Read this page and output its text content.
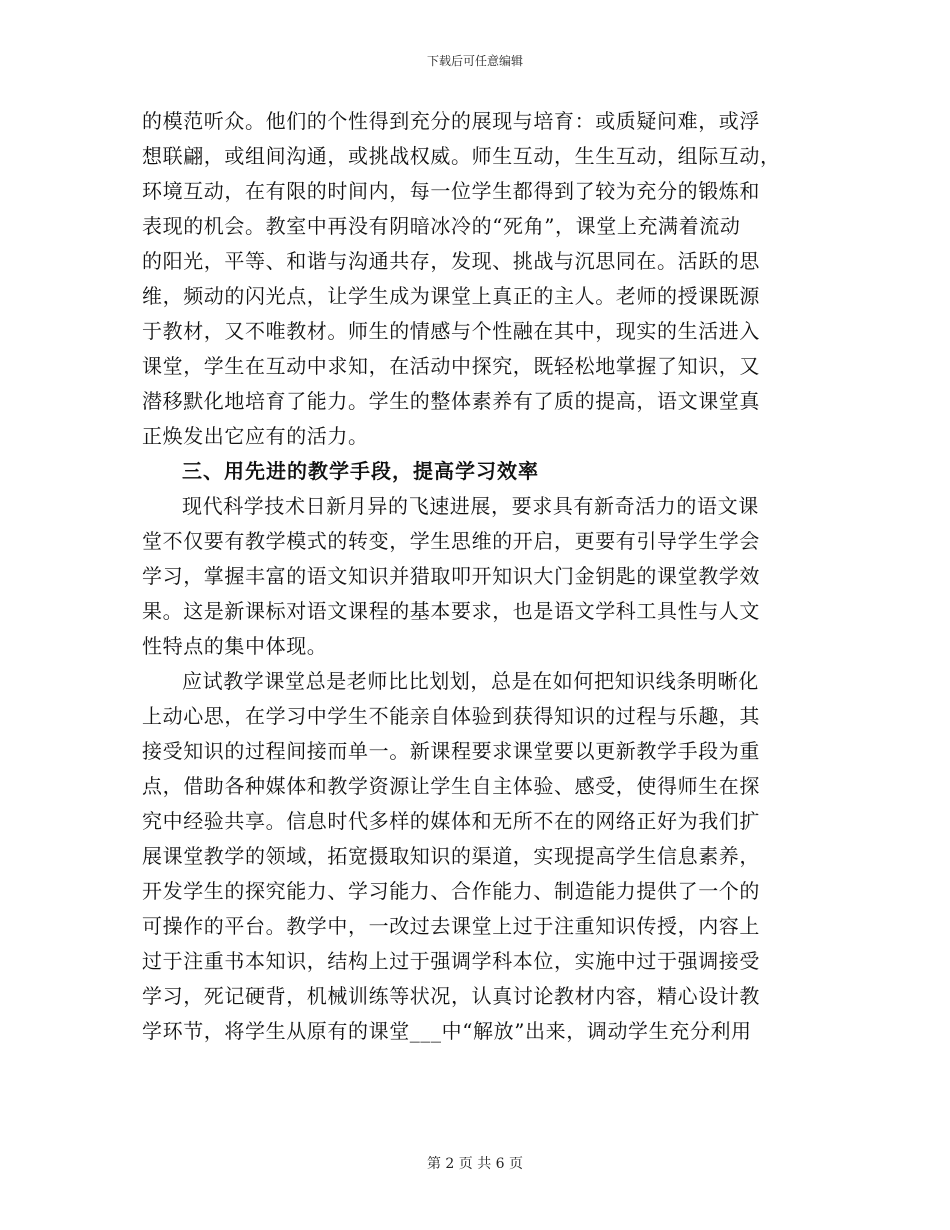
下载后可任意编辑
的模范听众。他们的个性得到充分的展现与培育：或质疑问难，或浮
想联翩，或组间沟通，或挑战权威。师生互动，生生互动，组际互动，
环境互动，在有限的时间内，每一位学生都得到了较为充分的锻炼和
表现的机会。教室中再没有阴暗冰冷的“死角”，课堂上充满着流动
的阳光，平等、和谐与沟通共存，发现、挑战与沉思同在。活跃的思
维，频动的闪光点，让学生成为课堂上真正的主人。老师的授课既源
于教材，又不唯教材。师生的情感与个性融在其中，现实的生活进入
课堂，学生在互动中求知，在活动中探究，既轻松地掌握了知识，又
潜移默化地培育了能力。学生的整体素养有了质的提高，语文课堂真
正焕发出它应有的活力。
三、用先进的教学手段，提高学习效率
现代科学技术日新月异的飞速进展，要求具有新奇活力的语文课
堂不仅要有教学模式的转变，学生思维的开启，更要有引导学生学会
学习，掌握丰富的语文知识并猎取叩开知识大门金钥匙的课堂教学效
果。这是新课标对语文课程的基本要求，也是语文学科工具性与人文
性特点的集中体现。
应试教学课堂总是老师比比划划，总是在如何把知识线条明晰化
上动心思，在学习中学生不能亲自体验到获得知识的过程与乐趣，其
接受知识的过程间接而单一。新课程要求课堂要以更新教学手段为重
点，借助各种媒体和教学资源让学生自主体验、感受，使得师生在探
究中经验共享。信息时代多样的媒体和无所不在的网络正好为我们扩
展课堂教学的领域，拓宽摄取知识的渠道，实现提高学生信息素养，
开发学生的探究能力、学习能力、合作能力、制造能力提供了一个的
可操作的平台。教学中，一改过去课堂上过于注重知识传授，内容上
过于注重书本知识，结构上过于强调学科本位，实施中过于强调接受
学习，死记硬背，机械训练等状况，认真讨论教材内容，精心设计教
学环节，将学生从原有的课堂___中“解放”出来，调动学生充分利用
第 2 页 共 6 页
